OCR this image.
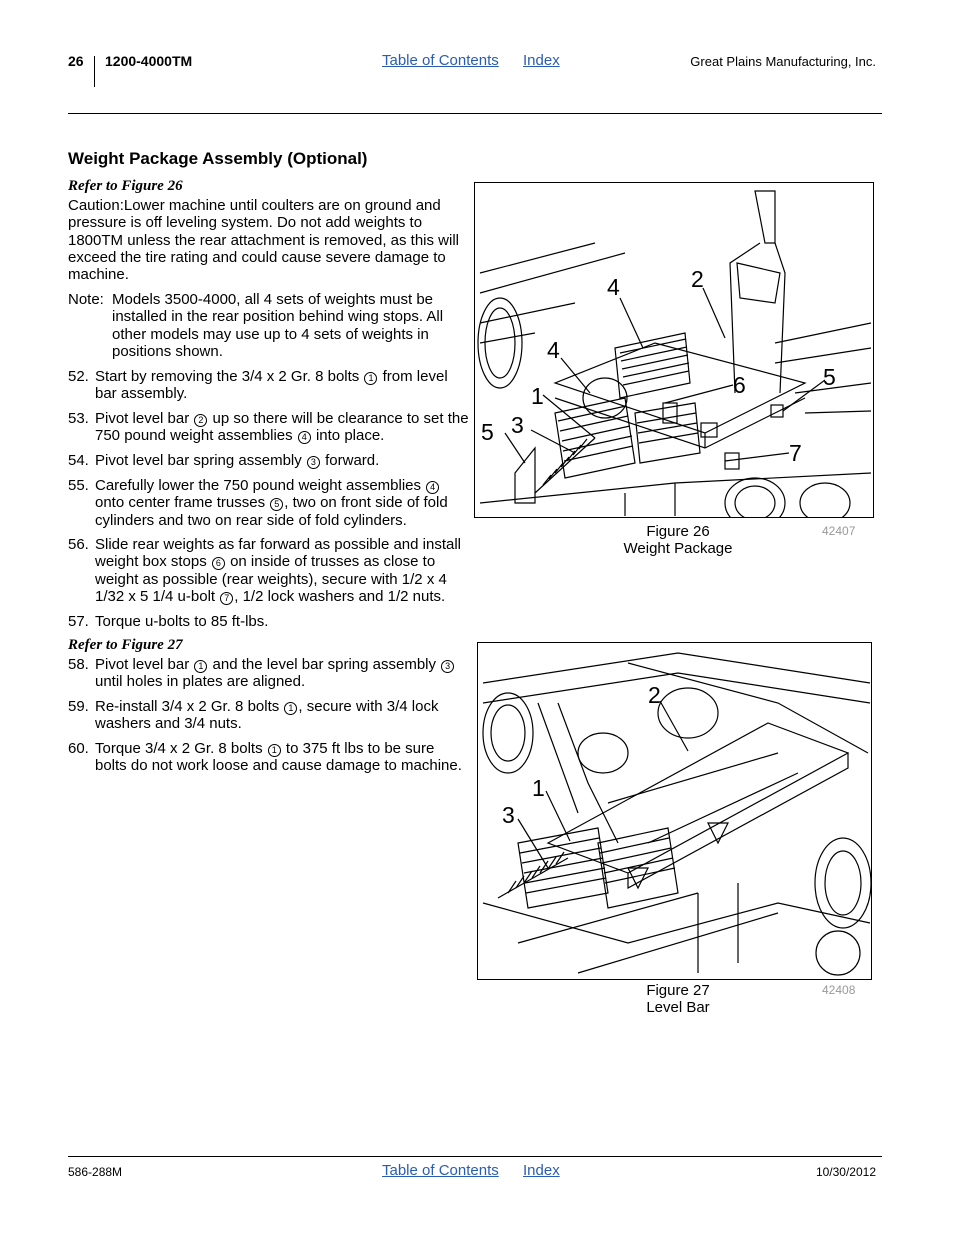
26 1200-4000TM	Table of Contents Index	Great Plains Manufacturing, Inc.
Weight Package Assembly (Optional)
Refer to Figure 26
Caution:Lower machine until coulters are on ground and pressure is off leveling system. Do not add weights to 1800TM unless the rear attachment is removed, as this will exceed the tire rating and could cause severe damage to machine.
Note: Models 3500-4000, all 4 sets of weights must be installed in the rear position behind wing stops. All other models may use up to 4 sets of weights in positions shown.
52. Start by removing the 3/4 x 2 Gr. 8 bolts 1 from level bar assembly.
53. Pivot level bar 2 up so there will be clearance to set the 750 pound weight assemblies 4 into place.
54. Pivot level bar spring assembly 3 forward.
55. Carefully lower the 750 pound weight assemblies 4 onto center frame trusses 5 , two on front side of fold cylinders and two on rear side of fold cylinders.
56. Slide rear weights as far forward as possible and install weight box stops 6 on inside of trusses as close to weight as possible (rear weights), secure with 1/2 x 4 1/32 x 5 1/4 u-bolt 7 , 1/2 lock washers and 1/2 nuts.
57. Torque u-bolts to 85 ft-lbs.
Refer to Figure 27
58. Pivot level bar 1 and the level bar spring assembly 3 until holes in plates are aligned.
59. Re-install 3/4 x 2 Gr. 8 bolts 1 , secure with 3/4 lock washers and 3/4 nuts.
60. Torque 3/4 x 2 Gr. 8 bolts 1 to 375 ft lbs to be sure bolts do not work loose and cause damage to machine.
4	2
4
1	6	5
5 3
7
Figure 26
Weight Package
42407
2
1
3
Figure 27
Level Bar
42408
586-288M	Table of Contents Index	10/30/2012
